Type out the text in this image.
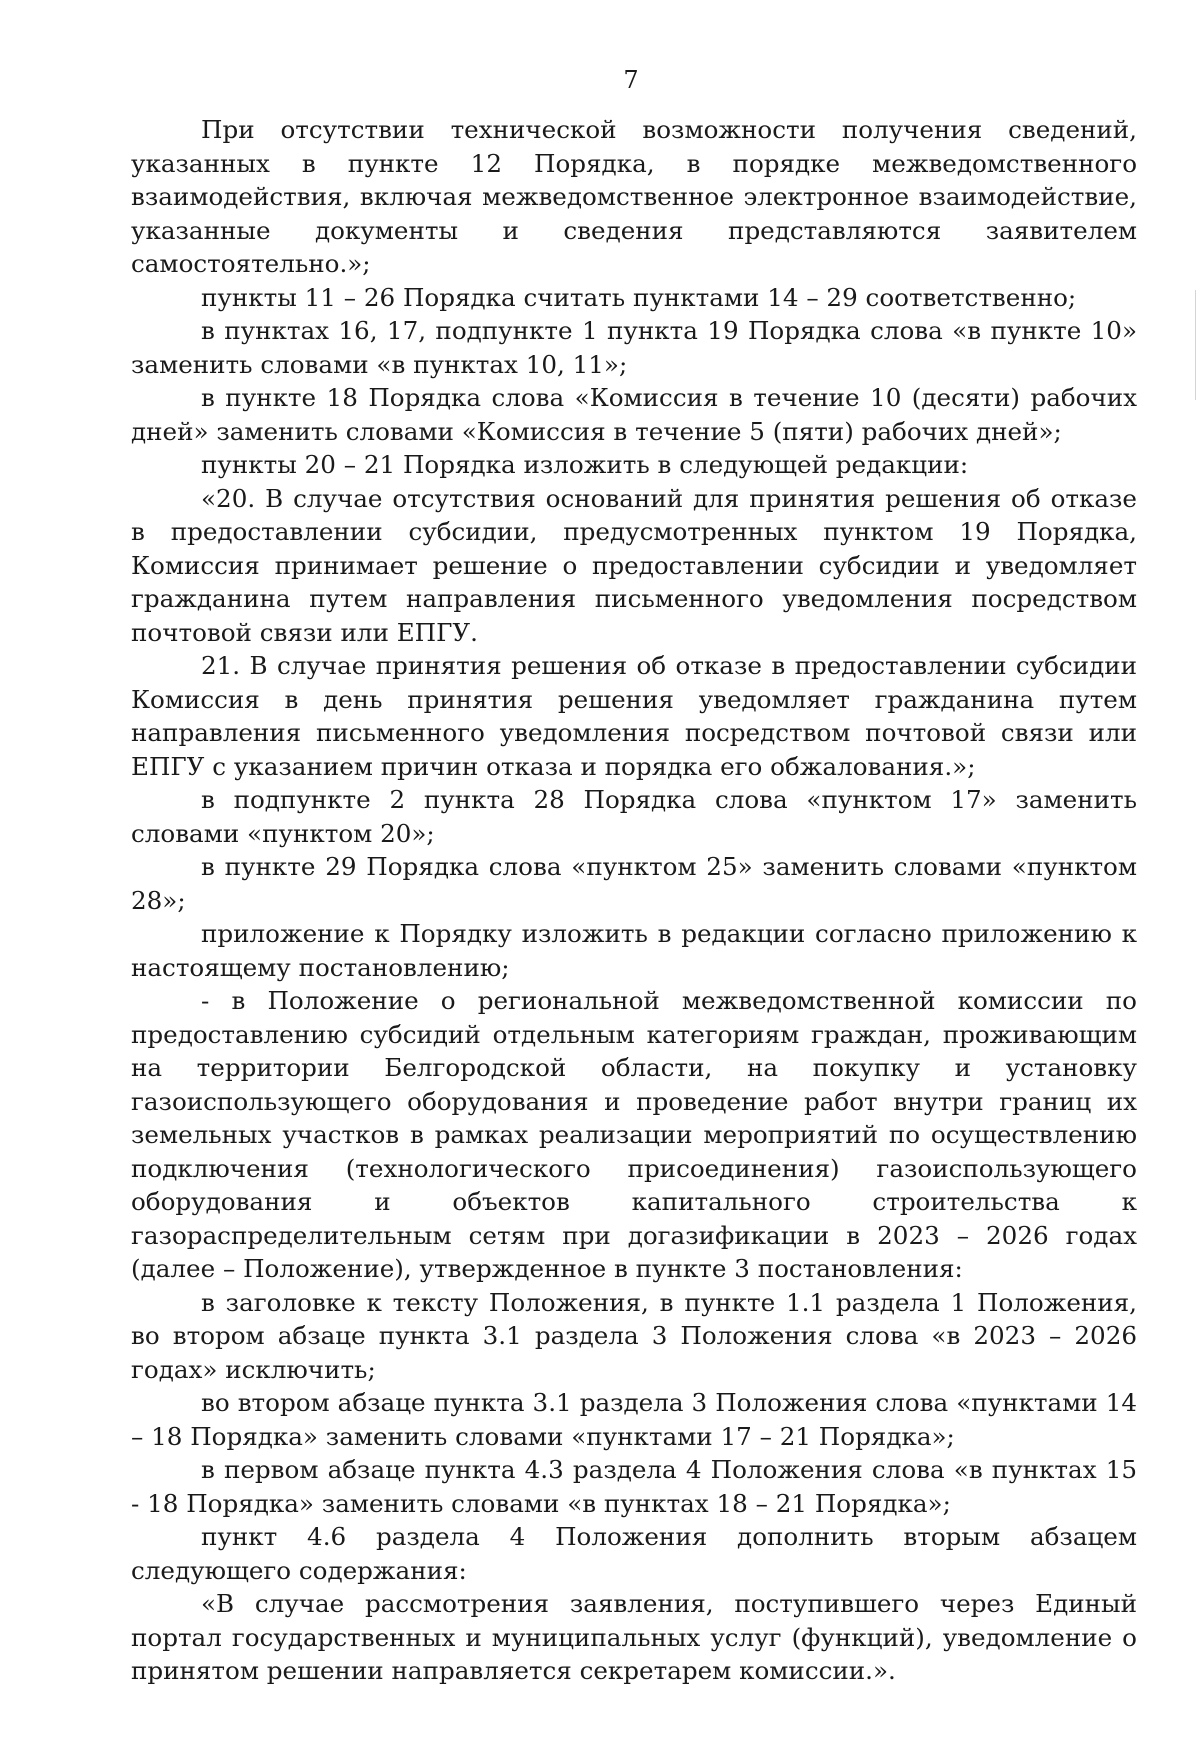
7

При отсутствии технической возможности получения сведений, указанных в пункте 12 Порядка, в порядке межведомственного взаимодействия, включая межведомственное электронное взаимодействие, указанные документы и сведения представляются заявителем самостоятельно.»;

пункты 11 – 26 Порядка считать пунктами 14 – 29 соответственно;

в пунктах 16, 17, подпункте 1 пункта 19 Порядка слова «в пункте 10» заменить словами «в пунктах 10, 11»;

в пункте 18 Порядка слова «Комиссия в течение 10 (десяти) рабочих дней» заменить словами «Комиссия в течение 5 (пяти) рабочих дней»;

пункты 20 – 21 Порядка изложить в следующей редакции:

«20. В случае отсутствия оснований для принятия решения об отказе в предоставлении субсидии, предусмотренных пунктом 19 Порядка, Комиссия принимает решение о предоставлении субсидии и уведомляет гражданина путем направления письменного уведомления посредством почтовой связи или ЕПГУ.

21. В случае принятия решения об отказе в предоставлении субсидии Комиссия в день принятия решения уведомляет гражданина путем направления письменного уведомления посредством почтовой связи или ЕПГУ с указанием причин отказа и порядка его обжалования.»;

в подпункте 2 пункта 28 Порядка слова «пунктом 17» заменить словами «пунктом 20»;

в пункте 29 Порядка слова «пунктом 25» заменить словами «пунктом 28»;

приложение к Порядку изложить в редакции согласно приложению к настоящему постановлению;

- в Положение о региональной межведомственной комиссии по предоставлению субсидий отдельным категориям граждан, проживающим на территории Белгородской области, на покупку и установку газоиспользующего оборудования и проведение работ внутри границ их земельных участков в рамках реализации мероприятий по осуществлению подключения (технологического присоединения) газоиспользующего оборудования и объектов капитального строительства к газораспределительным сетям при догазификации в 2023 – 2026 годах (далее – Положение), утвержденное в пункте 3 постановления:

в заголовке к тексту Положения, в пункте 1.1 раздела 1 Положения, во втором абзаце пункта 3.1 раздела 3 Положения слова «в 2023 – 2026 годах» исключить;

во втором абзаце пункта 3.1 раздела 3 Положения слова «пунктами 14 – 18 Порядка» заменить словами «пунктами 17 – 21 Порядка»;

в первом абзаце пункта 4.3 раздела 4 Положения слова «в пунктах 15 - 18 Порядка» заменить словами «в пунктах 18 – 21 Порядка»;

пункт 4.6 раздела 4 Положения дополнить вторым абзацем следующего содержания:

«В случае рассмотрения заявления, поступившего через Единый портал государственных и муниципальных услуг (функций), уведомление о принятом решении направляется секретарем комиссии.».
